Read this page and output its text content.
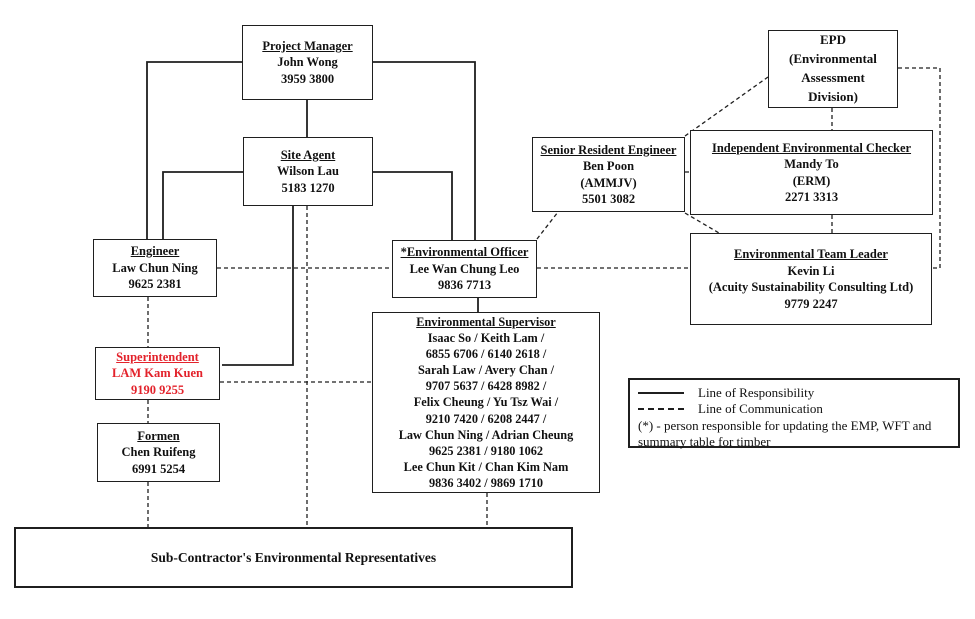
Project Manager
John Wong
3959 3800
Site Agent
Wilson Lau
5183 1270
Engineer
Law Chun Ning
9625 2381
Superintendent
LAM Kam Kuen
9190 9255
Formen
Chen Ruifeng
6991 5254
*Environmental Officer
Lee Wan Chung Leo
9836 7713
Environmental Supervisor
Isaac So / Keith Lam /
6855 6706 / 6140 2618 /
Sarah Law / Avery Chan /
9707 5637 / 6428 8982 /
Felix Cheung / Yu Tsz Wai /
9210 7420 / 6208 2447 /
Law Chun Ning / Adrian Cheung
9625 2381 / 9180 1062
Lee Chun Kit / Chan Kim Nam
9836 3402 / 9869 1710
EPD (Environmental Assessment Division)
Senior Resident Engineer
Ben Poon
(AMMJV)
5501 3082
Independent Environmental Checker
Mandy To
(ERM)
2271 3313
Environmental Team Leader
Kevin Li
(Acuity Sustainability Consulting Ltd)
9779 2247
Sub-Contractor's Environmental Representatives
Line of Responsibility
Line of Communication
(*) - person responsible for updating the EMP, WFT and summary table for timber
